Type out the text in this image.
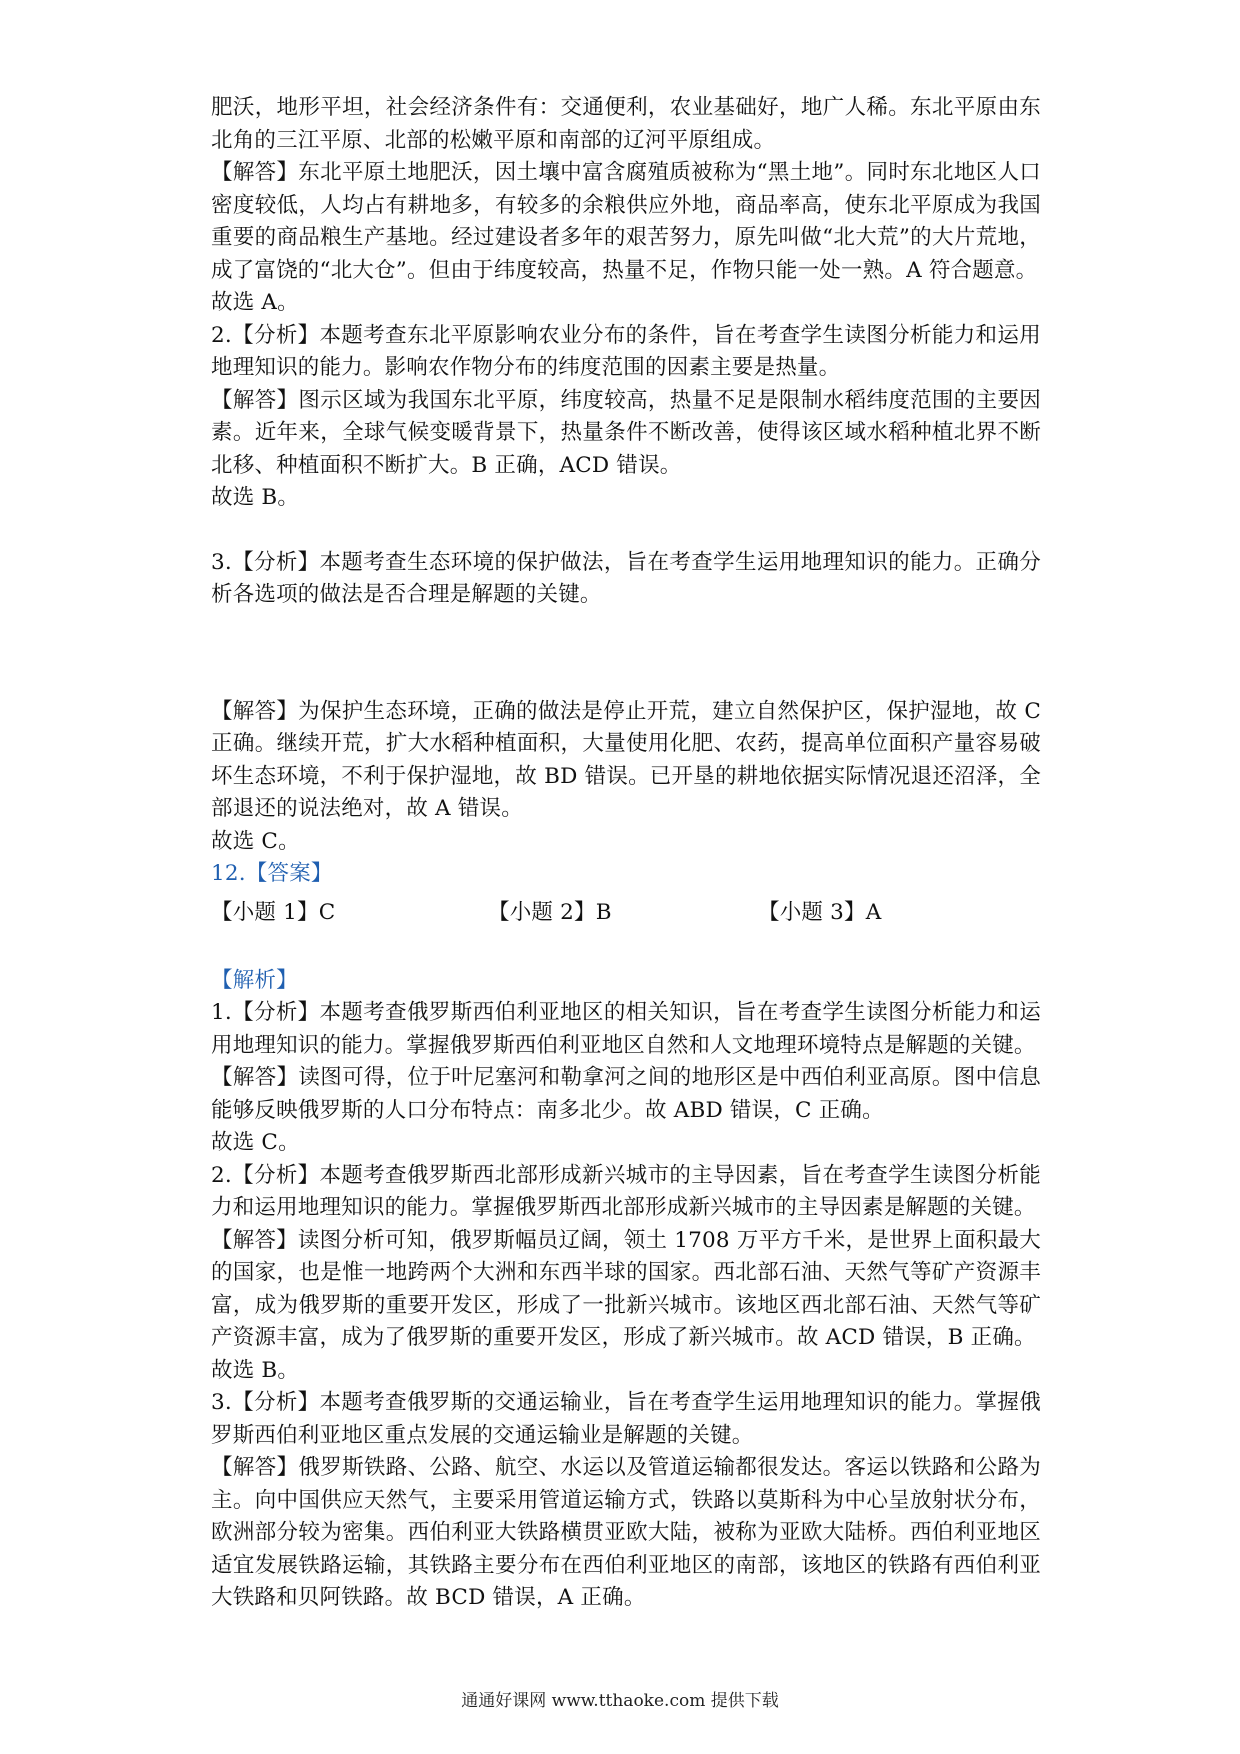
肥沃，地形平坦，社会经济条件有：交通便利，农业基础好，地广人稀。东北平原由东北角的三江平原、北部的松嫩平原和南部的辽河平原组成。

【解答】东北平原土地肥沃，因土壤中富含腐殖质被称为“黑土地”。同时东北地区人口密度较低，人均占有耕地多，有较多的余粮供应外地，商品率高，使东北平原成为我国重要的商品粮生产基地。经过建设者多年的艰苦努力，原先叫做“北大荒”的大片荒地，成了富饶的“北大仓”。但由于纬度较高，热量不足，作物只能一处一熟。A 符合题意。

故选 A。

2.【分析】本题考查东北平原影响农业分布的条件，旨在考查学生读图分析能力和运用地理知识的能力。影响农作物分布的纬度范围的因素主要是热量。

【解答】图示区域为我国东北平原，纬度较高，热量不足是限制水稻纬度范围的主要因素。近年来，全球气候变暖背景下，热量条件不断改善，使得该区域水稻种植北界不断北移、种植面积不断扩大。B 正确，ACD 错误。

故选 B。

3.【分析】本题考查生态环境的保护做法，旨在考查学生运用地理知识的能力。正确分析各选项的做法是否合理是解题的关键。

【解答】为保护生态环境，正确的做法是停止开荒，建立自然保护区，保护湿地，故 C 正确。继续开荒，扩大水稻种植面积，大量使用化肥、农药，提高单位面积产量容易破坏生态环境，不利于保护湿地，故 BD 错误。已开垦的耕地依据实际情况退还沼泽，全部退还的说法绝对，故 A 错误。

故选 C。

12.【答案】

【小题 1】C	【小题 2】B	【小题 3】A

【解析】

1.【分析】本题考查俄罗斯西伯利亚地区的相关知识，旨在考查学生读图分析能力和运用地理知识的能力。掌握俄罗斯西伯利亚地区自然和人文地理环境特点是解题的关键。

【解答】读图可得，位于叶尼塞河和勒拿河之间的地形区是中西伯利亚高原。图中信息能够反映俄罗斯的人口分布特点：南多北少。故 ABD 错误，C 正确。

故选 C。

2.【分析】本题考查俄罗斯西北部形成新兴城市的主导因素，旨在考查学生读图分析能力和运用地理知识的能力。掌握俄罗斯西北部形成新兴城市的主导因素是解题的关键。

【解答】读图分析可知，俄罗斯幅员辽阔，领土 1708 万平方千米，是世界上面积最大的国家，也是惟一地跨两个大洲和东西半球的国家。西北部石油、天然气等矿产资源丰富，成为俄罗斯的重要开发区，形成了一批新兴城市。该地区西北部石油、天然气等矿产资源丰富，成为了俄罗斯的重要开发区，形成了新兴城市。故 ACD 错误，B 正确。

故选 B。

3.【分析】本题考查俄罗斯的交通运输业，旨在考查学生运用地理知识的能力。掌握俄罗斯西伯利亚地区重点发展的交通运输业是解题的关键。

【解答】俄罗斯铁路、公路、航空、水运以及管道运输都很发达。客运以铁路和公路为主。向中国供应天然气，主要采用管道运输方式，铁路以莫斯科为中心呈放射状分布，欧洲部分较为密集。西伯利亚大铁路横贯亚欧大陆，被称为亚欧大陆桥。西伯利亚地区适宜发展铁路运输，其铁路主要分布在西伯利亚地区的南部，该地区的铁路有西伯利亚大铁路和贝阿铁路。故 BCD 错误，A 正确。

通通好课网 www.tthaoke.com 提供下载
